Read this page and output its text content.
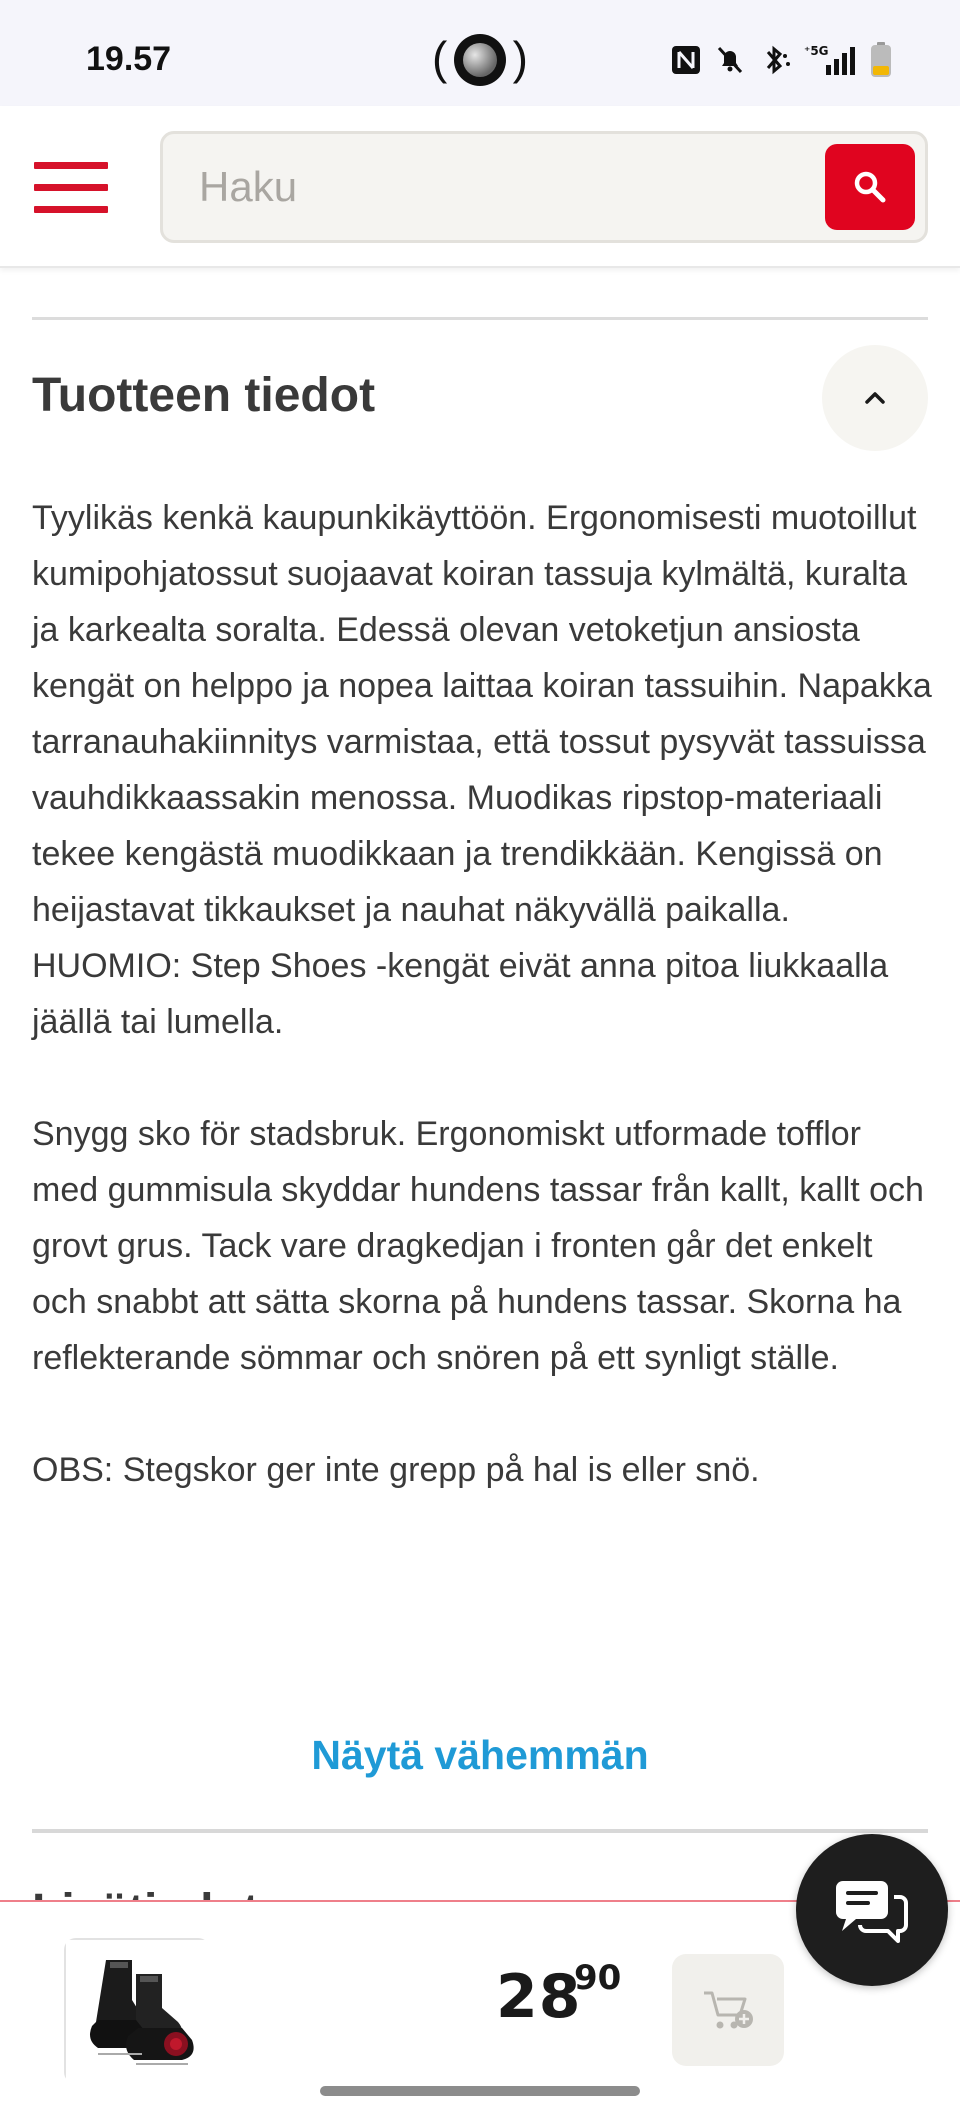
19.57	( )	⁺5G
Haku
Tuotteen tiedot
Tyylikäs kenkä kaupunkikäyttöön. Ergonomisesti muotoillut kumipohjatossut suojaavat koiran tassuja kylmältä, kuralta ja karkealta soralta. Edessä olevan vetoketjun ansiosta kengät on helppo ja nopea laittaa koiran tassuihin. Napakka tarranauhakiinnitys varmistaa, että tossut pysyvät tassuissa vauhdikkaassakin menossa. Muodikas ripstop-materiaali tekee kengästä muodikkaan ja trendikkään. Kengissä on heijastavat tikkaukset ja nauhat näkyvällä paikalla.
HUOMIO: Step Shoes -kengät eivät anna pitoa liukkaalla jäällä tai lumella.

Snygg sko för stadsbruk. Ergonomiskt utformade tofflor med gummisula skyddar hundens tassar från kallt, kallt och grovt grus. Tack vare dragkedjan i fronten går det enkelt och snabbt att sätta skorna på hundens tassar. Skorna ha reflekterande sömmar och snören på ett synligt ställe.

OBS: Stegskor ger inte grepp på hal is eller snö.
Näytä vähemmän
28
90
